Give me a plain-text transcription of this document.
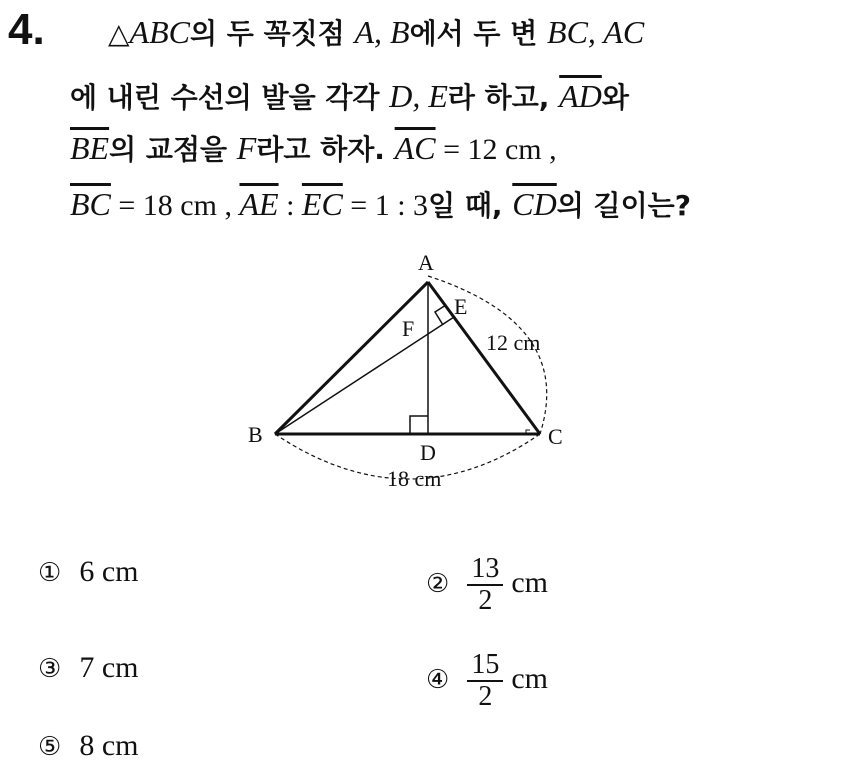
4. △ABC의 두 꼭짓점 A, B에서 두 변 BC, AC
에 내린 수선의 발을 각각 D, E라 하고, $\overline{AD}$와
$\overline{BE}$의 교점을 F라고 하자. $\overline{AC} = 12$ cm ,
$\overline{BC} = 18$ cm , $\overline{AE}$ : $\overline{EC} = 1$ : 3일 때, $\overline{CD}$의 길이는?
A
B	C
D
E
F
12 cm
18 cm
① 6 cm	② $\frac{13}{2}$ cm
③ 7 cm	④ $\frac{15}{2}$ cm
⑤ 8 cm
